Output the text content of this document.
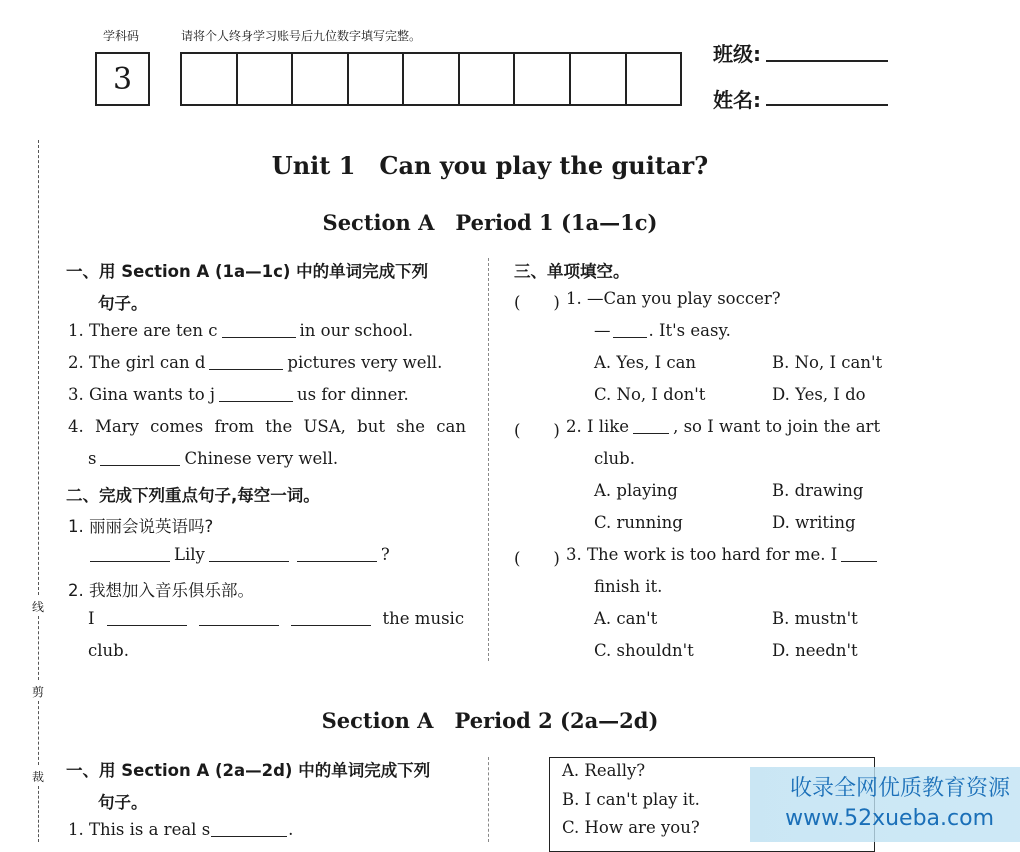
学科码	请将个人终身学习账号后九位数字填写完整。
3
班级:
姓名:
线
剪
裁
Unit 1　Can you play the guitar?
Section A　Period 1 (1a—1c)
一、用 Section A (1a—1c) 中的单词完成下列
句子。
1. There are ten c	in our school.
2. The girl can d	pictures very well.
3. Gina wants to j	us for dinner.
4. Mary comes from the USA, but she can
s	Chinese very well.
二、完成下列重点句子,每空一词。
1. 丽丽会说英语吗?
Lily	?
2. 我想加入音乐俱乐部。
I	the music
club.
三、单项填空。
(　　) 1. —Can you play soccer?
— . It's easy.
A. Yes, I can	B. No, I can't
C. No, I don't	D. Yes, I do
(　　) 2. I like	, so I want to join the art
club.
A. playing	B. drawing
C. running	D. writing
(　　) 3. The work is too hard for me. I
finish it.
A. can't	B. mustn't
C. shouldn't	D. needn't
Section A　Period 2 (2a—2d)
一、用 Section A (2a—2d) 中的单词完成下列
句子。
1. This is a real s	.
A. Really?
B. I can't play it.
C. How are you?
收录全网优质教育资源
www.52xueba.com
